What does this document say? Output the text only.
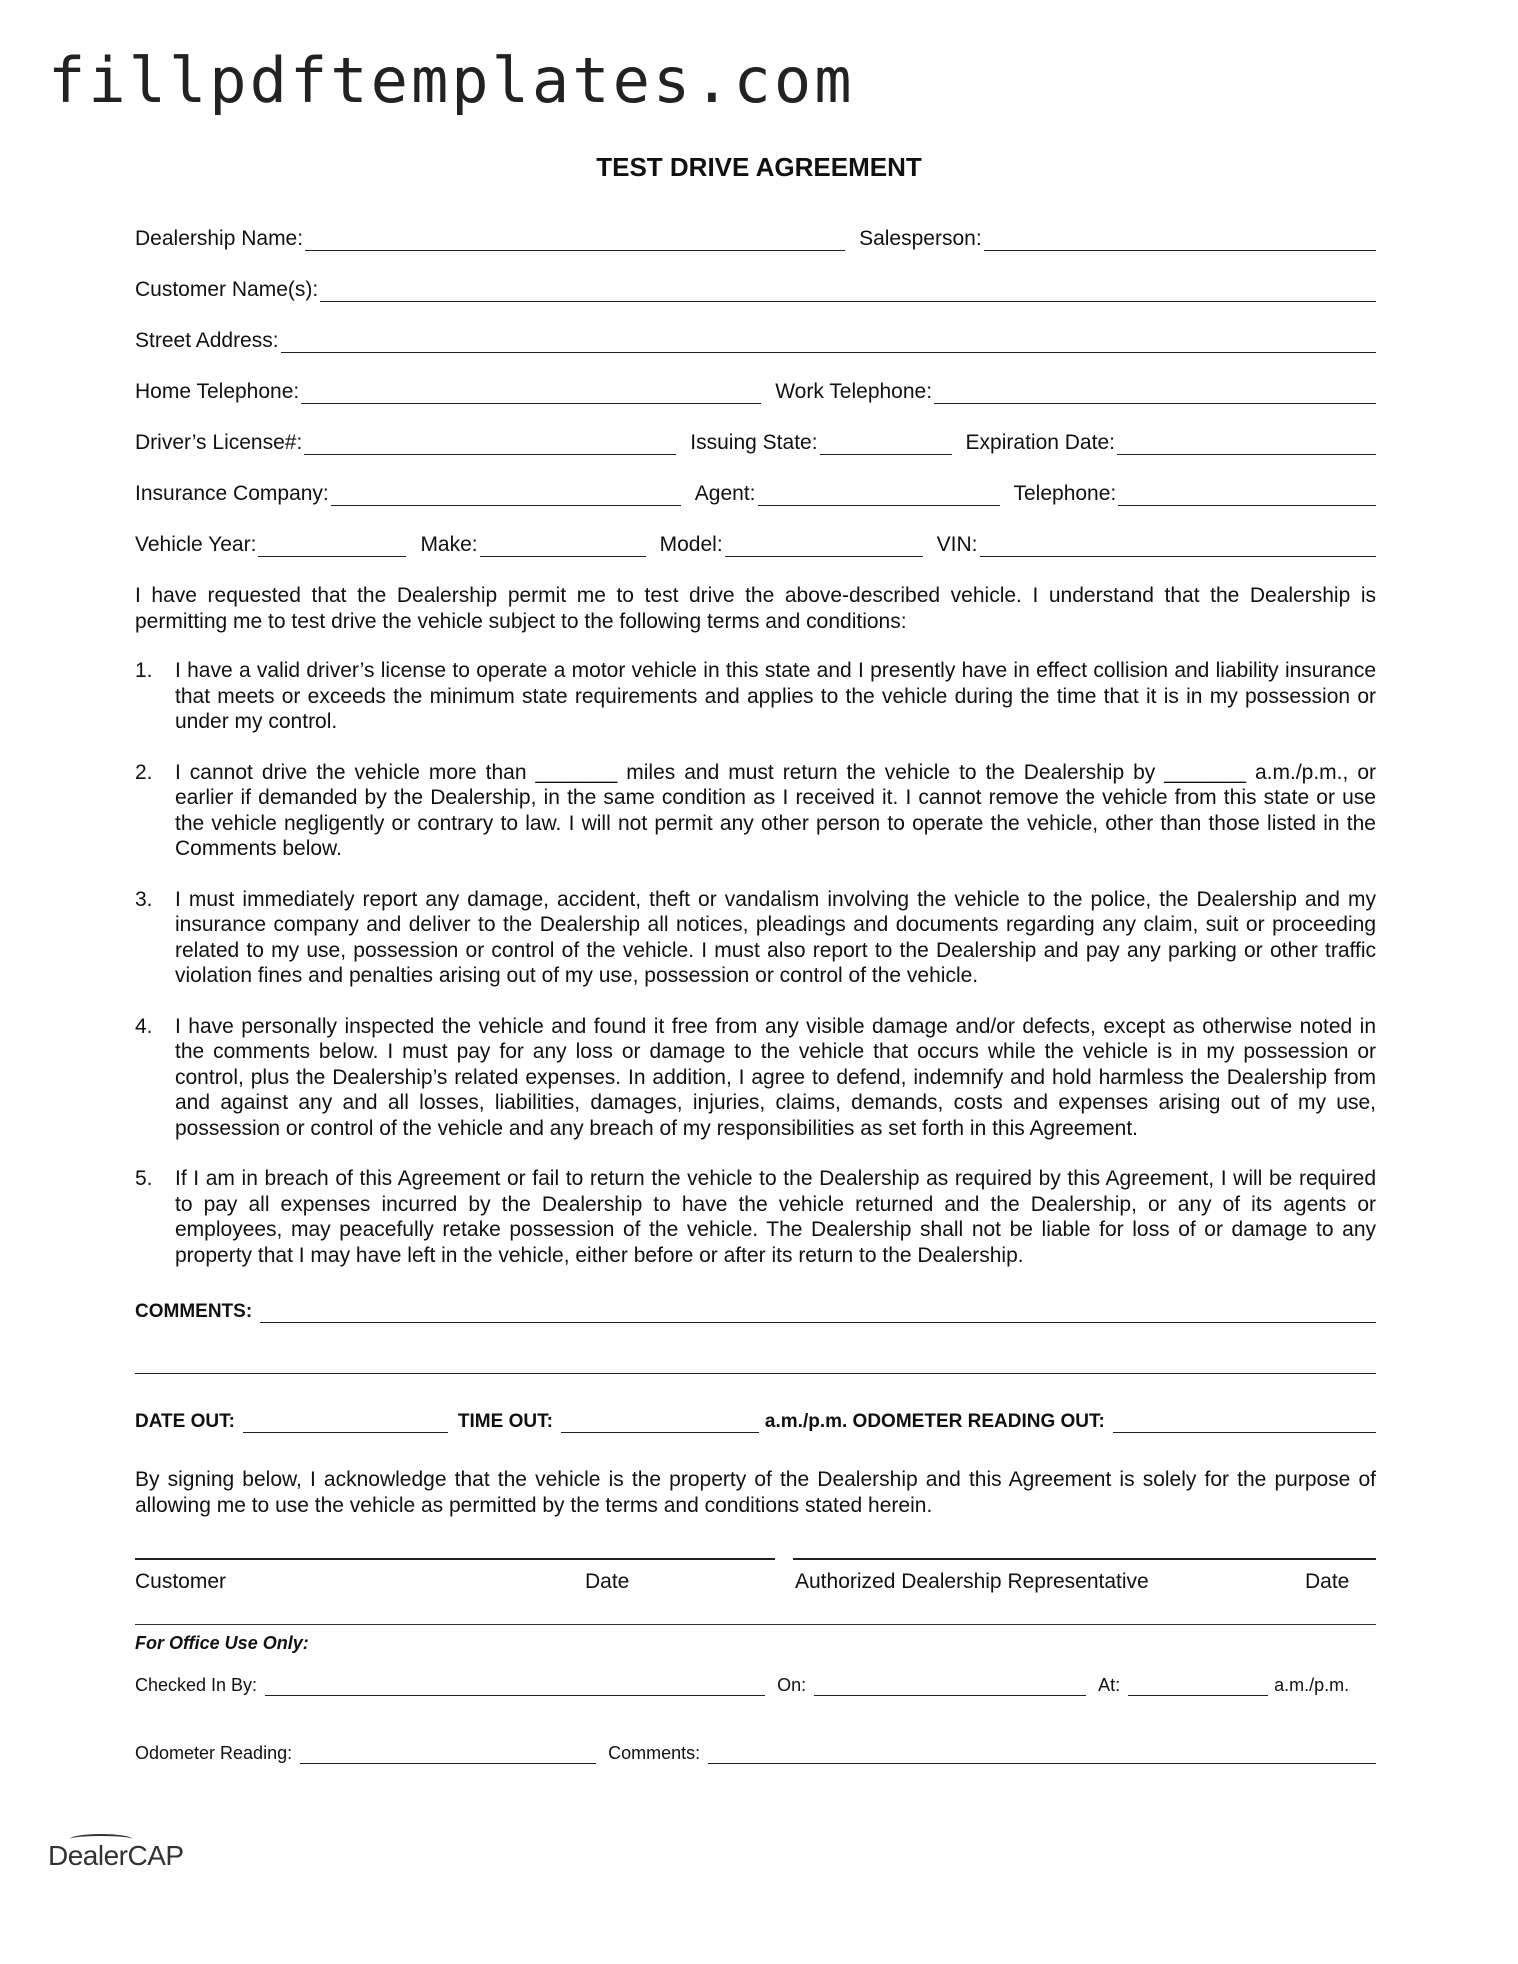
fillpdftemplates.com
TEST DRIVE AGREEMENT
Dealership Name:	Salesperson:
Customer Name(s):
Street Address:
Home Telephone:	Work Telephone:
Driver’s License#:	Issuing State:	Expiration Date:
Insurance Company:	Agent:	Telephone:
Vehicle Year:	Make:	Model:	VIN:

I have requested that the Dealership permit me to test drive the above-described vehicle. I understand that the Dealership is permitting me to test drive the vehicle subject to the following terms and conditions:

1.	I have a valid driver’s license to operate a motor vehicle in this state and I presently have in effect collision and liability insurance that meets or exceeds the minimum state requirements and applies to the vehicle during the time that it is in my possession or under my control.
2.	I cannot drive the vehicle more than _______ miles and must return the vehicle to the Dealership by _______ a.m./p.m., or earlier if demanded by the Dealership, in the same condition as I received it. I cannot remove the vehicle from this state or use the vehicle negligently or contrary to law. I will not permit any other person to operate the vehicle, other than those listed in the Comments below.
3.	I must immediately report any damage, accident, theft or vandalism involving the vehicle to the police, the Dealership and my insurance company and deliver to the Dealership all notices, pleadings and documents regarding any claim, suit or proceeding related to my use, possession or control of the vehicle. I must also report to the Dealership and pay any parking or other traffic violation fines and penalties arising out of my use, possession or control of the vehicle.
4.	I have personally inspected the vehicle and found it free from any visible damage and/or defects, except as otherwise noted in the comments below. I must pay for any loss or damage to the vehicle that occurs while the vehicle is in my possession or control, plus the Dealership’s related expenses. In addition, I agree to defend, indemnify and hold harmless the Dealership from and against any and all losses, liabilities, damages, injuries, claims, demands, costs and expenses arising out of my use, possession or control of the vehicle and any breach of my responsibilities as set forth in this Agreement.
5.	If I am in breach of this Agreement or fail to return the vehicle to the Dealership as required by this Agreement, I will be required to pay all expenses incurred by the Dealership to have the vehicle returned and the Dealership, or any of its agents or employees, may peacefully retake possession of the vehicle. The Dealership shall not be liable for loss of or damage to any property that I may have left in the vehicle, either before or after its return to the Dealership.
COMMENTS:
DATE OUT:	TIME OUT:	a.m./p.m. ODOMETER READING OUT:

By signing below, I acknowledge that the vehicle is the property of the Dealership and this Agreement is solely for the purpose of allowing me to use the vehicle as permitted by the terms and conditions stated herein.

Customer	Date	Authorized Dealership Representative	Date
For Office Use Only:
Checked In By:	On:	At:	a.m./p.m.
Odometer Reading:	Comments:
DealerCAP
